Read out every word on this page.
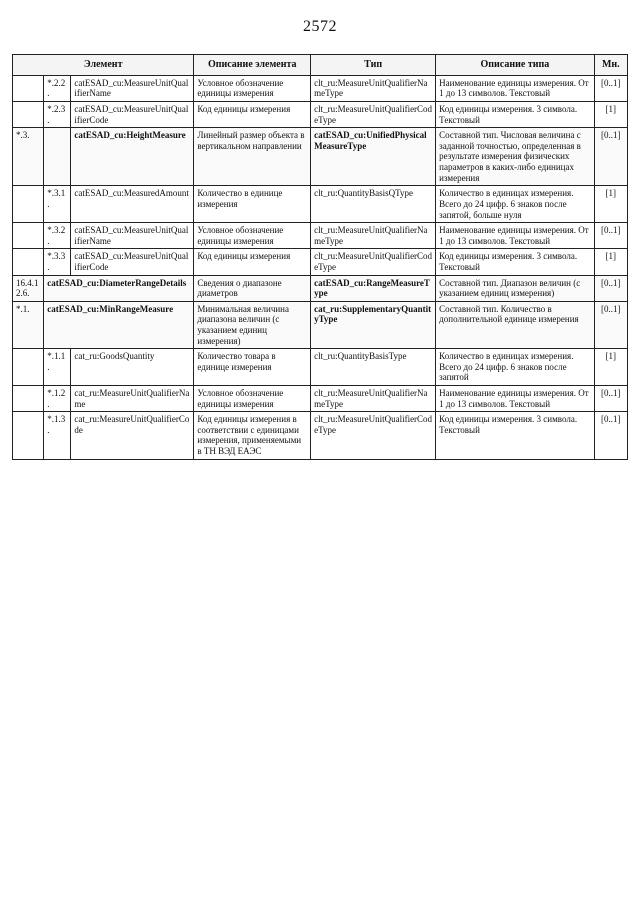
2572
Элемент			Описание элемента	Тип	Описание типа	Мн.
	*.2.2.	catESAD_cu:MeasureUnitQualifierName	Условное обозначение единицы измерения	clt_ru:MeasureUnitQualifierNameType	Наименование единицы измерения. От 1 до 13 символов. Текстовый	[0..1]
	*.2.3.	catESAD_cu:MeasureUnitQualifierCode	Код единицы измерения	clt_ru:MeasureUnitQualifierCodeType	Код единицы измерения. 3 символа. Текстовый	[1]
*.3.		catESAD_cu:HeightMeasure	Линейный размер объекта в вертикальном направлении	catESAD_cu:UnifiedPhysicalMeasureType	Составной тип. Числовая величина с заданной точностью, определенная в результате измерения физических параметров в каких-либо единицах измерения	[0..1]
	*.3.1.	catESAD_cu:MeasuredAmount	Количество в единице измерения	clt_ru:QuantityBasisQType	Количество в единицах измерения. Всего до 24 цифр. 6 знаков после запятой, больше нуля	[1]
	*.3.2.	catESAD_cu:MeasureUnitQualifierName	Условное обозначение единицы измерения	clt_ru:MeasureUnitQualifierNameType	Наименование единицы измерения. От 1 до 13 символов. Текстовый	[0..1]
	*.3.3.	catESAD_cu:MeasureUnitQualifierCode	Код единицы измерения	clt_ru:MeasureUnitQualifierCodeType	Код единицы измерения. 3 символа. Текстовый	[1]
16.4.12.6.	catESAD_cu:DiameterRangeDetails		Сведения о диапазоне диаметров	catESAD_cu:RangeMeasureType	Составной тип. Диапазон величин (с указанием единиц измерения)	[0..1]
*.1.	catESAD_cu:MinRangeMeasure		Минимальная величина диапазона величин (с указанием единиц измерения)	cat_ru:SupplementaryQuantityType	Составной тип. Количество в дополнительной единице измерения	[0..1]
	*.1.1.	cat_ru:GoodsQuantity	Количество товара в единице измерения	clt_ru:QuantityBasisType	Количество в единицах измерения. Всего до 24 цифр. 6 знаков после запятой	[1]
	*.1.2.	cat_ru:MeasureUnitQualifierName	Условное обозначение единицы измерения	clt_ru:MeasureUnitQualifierNameType	Наименование единицы измерения. От 1 до 13 символов. Текстовый	[0..1]
	*.1.3.	cat_ru:MeasureUnitQualifierCode	Код единицы измерения в соответствии с единицами измерения, применяемыми в ТН ВЭД ЕАЭС	clt_ru:MeasureUnitQualifierCodeType	Код единицы измерения. 3 символа. Текстовый	[0..1]
